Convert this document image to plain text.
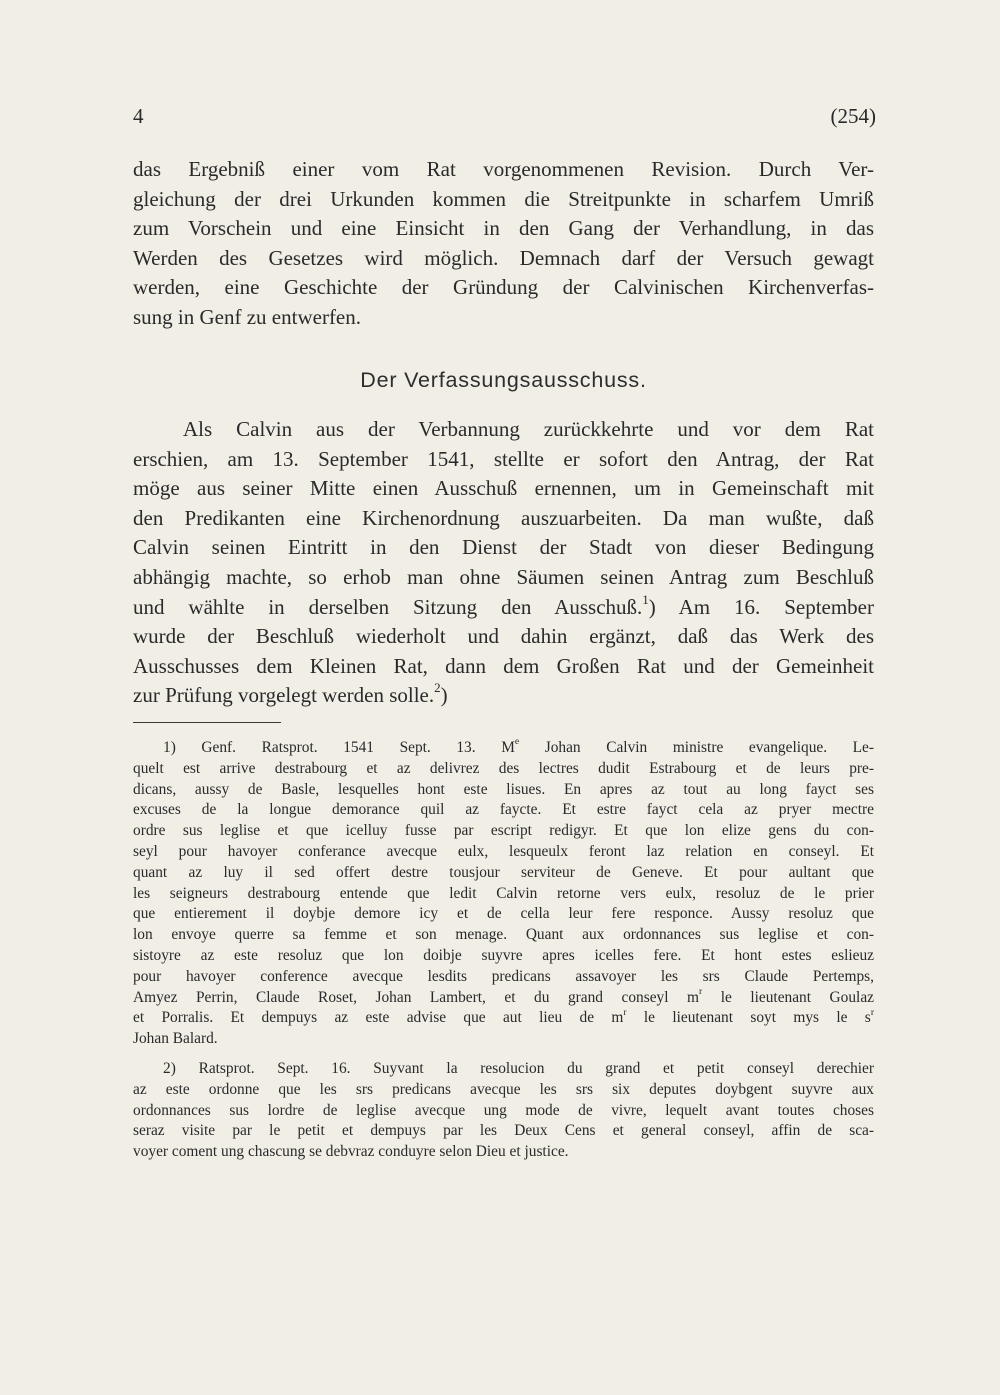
4	(254)
das Ergebniß einer vom Rat vorgenommenen Revision. Durch Ver-
gleichung der drei Urkunden kommen die Streitpunkte in scharfem Umriß
zum Vorschein und eine Einsicht in den Gang der Verhandlung, in das
Werden des Gesetzes wird möglich. Demnach darf der Versuch gewagt
werden, eine Geschichte der Gründung der Calvinischen Kirchenverfas-
sung in Genf zu entwerfen.
Der Verfassungsausschuss.
Als Calvin aus der Verbannung zurückkehrte und vor dem Rat
erschien, am 13. September 1541, stellte er sofort den Antrag, der Rat
möge aus seiner Mitte einen Ausschuß ernennen, um in Gemeinschaft mit
den Predikanten eine Kirchenordnung auszuarbeiten. Da man wußte, daß
Calvin seinen Eintritt in den Dienst der Stadt von dieser Bedingung
abhängig machte, so erhob man ohne Säumen seinen Antrag zum Beschluß
und wählte in derselben Sitzung den Ausschuß.$^1$) Am 16. September
wurde der Beschluß wiederholt und dahin ergänzt, daß das Werk des
Ausschusses dem Kleinen Rat, dann dem Großen Rat und der Gemeinheit
zur Prüfung vorgelegt werden solle.$^2$)
1) Genf. Ratsprot. 1541 Sept. 13. Me Johan Calvin ministre evangelique. Le-
quelt est arrive destrabourg et az delivrez des lectres dudit Estrabourg et de leurs pre-
dicans, aussy de Basle, lesquelles hont este lisues. En apres az tout au long fayct ses
excuses de la longue demorance quil az faycte. Et estre fayct cela az pryer mectre
ordre sus leglise et que icelluy fusse par escript redigyr. Et que lon elize gens du con-
seyl pour havoyer conferance avecque eulx, lesqueulx feront laz relation en conseyl. Et
quant az luy il sed offert destre tousjour serviteur de Geneve. Et pour aultant que
les seigneurs destrabourg entende que ledit Calvin retorne vers eulx, resoluz de le prier
que entierement il doybje demore icy et de cella leur fere responce. Aussy resoluz que
lon envoye querre sa femme et son menage. Quant aux ordonnances sus leglise et con-
sistoyre az este resoluz que lon doibje suyvre apres icelles fere. Et hont estes eslieuz
pour havoyer conference avecque lesdits predicans assavoyer les srs Claude Pertemps,
Amyez Perrin, Claude Roset, Johan Lambert, et du grand conseyl $m^r$ le lieutenant Goulaz
et Porralis. Et dempuys az este advise que aut lieu de $m^r$ le lieutenant soyt mys le $s^r$
Johan Balard.
2) Ratsprot. Sept. 16. Suyvant la resolucion du grand et petit conseyl derechier
az este ordonne que les srs predicans avecque les srs six deputes doybgent suyvre aux
ordonnances sus lordre de leglise avecque ung mode de vivre, lequelt avant toutes choses
seraz visite par le petit et dempuys par les Deux Cens et general conseyl, affin de sca-
voyer coment ung chascung se debvraz conduyre selon Dieu et justice.
